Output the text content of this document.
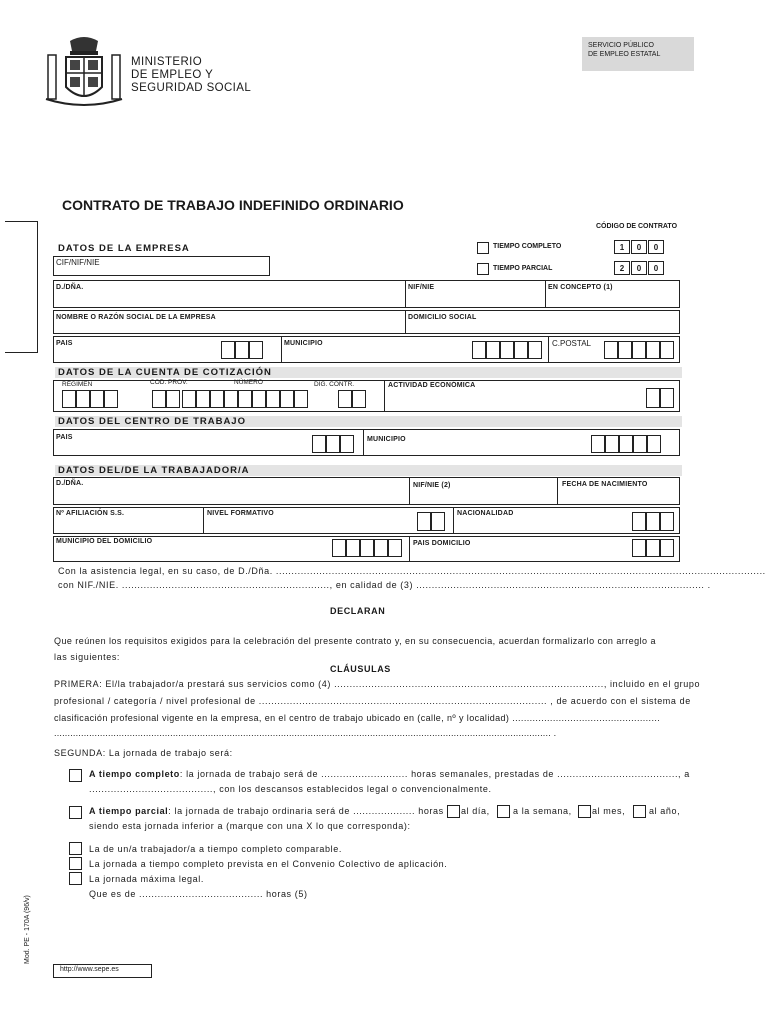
MINISTERIO
DE EMPLEO Y
SEGURIDAD SOCIAL
SERVICIO PÚBLICO
DE EMPLEO ESTATAL
CONTRATO DE TRABAJO INDEFINIDO ORDINARIO
CÓDIGO DE CONTRATO
TIEMPO COMPLETO
TIEMPO PARCIAL
1	0	0
2	0	0
DATOS DE LA EMPRESA
CIF/NIF/NIE
D./DÑA.	NIF/NIE	EN CONCEPTO (1)
NOMBRE O RAZÓN SOCIAL DE LA EMPRESA	DOMICILIO SOCIAL
PAIS	MUNICIPIO	C.POSTAL
DATOS DE LA CUENTA DE COTIZACIÓN
RÉGIMEN	COD. PROV.	NÚMERO	DIG. CONTR.	ACTIVIDAD ECONÓMICA
DATOS DEL CENTRO DE TRABAJO
PAIS	MUNICIPIO
DATOS DEL/DE LA TRABAJADOR/A
D./DÑA.	NIF/NIE (2)	FECHA DE NACIMIENTO
Nº AFILIACIÓN S.S.	NIVEL FORMATIVO	NACIONALIDAD
MUNICIPIO DEL DOMICILIO	PAIS DOMICILIO
Con la asistencia legal, en su caso, de D./Dña. ..............................................................................................................................................................
con NIF./NIE. ..................................................................., en calidad de (3) ............................................................................................. .
DECLARAN
Que reúnen los requisitos exigidos para la celebración del presente contrato y, en su consecuencia, acuerdan formalizarlo con arreglo a
las siguientes:
CLÁUSULAS
PRIMERA: El/la trabajador/a prestará sus servicios como (4) ......................................................................................., incluido en el grupo
profesional / categoría / nivel profesional de ............................................................................................. , de acuerdo con el sistema de
clasificación profesional vigente en la empresa, en el centro de trabajo ubicado en (calle, nº y localidad) ...................................................
........................................................................................................................................................................................ .
SEGUNDA: La jornada de trabajo será:
A tiempo completo: la jornada de trabajo será de ............................ horas semanales, prestadas de ......................................., a
........................................, con los descansos establecidos legal o convencionalmente.
A tiempo parcial: la jornada de trabajo ordinaria será de .................... horas al día,	a la semana, al mes,	al año,
siendo esta jornada inferior a (marque con una X lo que corresponda):
La de un/a trabajador/a a tiempo completo comparable.
La jornada a tiempo completo prevista en el Convenio Colectivo de aplicación.
La jornada máxima legal.
Que es de ........................................ horas (5)
Mod. PE - 170A (96/v)
http://www.sepe.es
